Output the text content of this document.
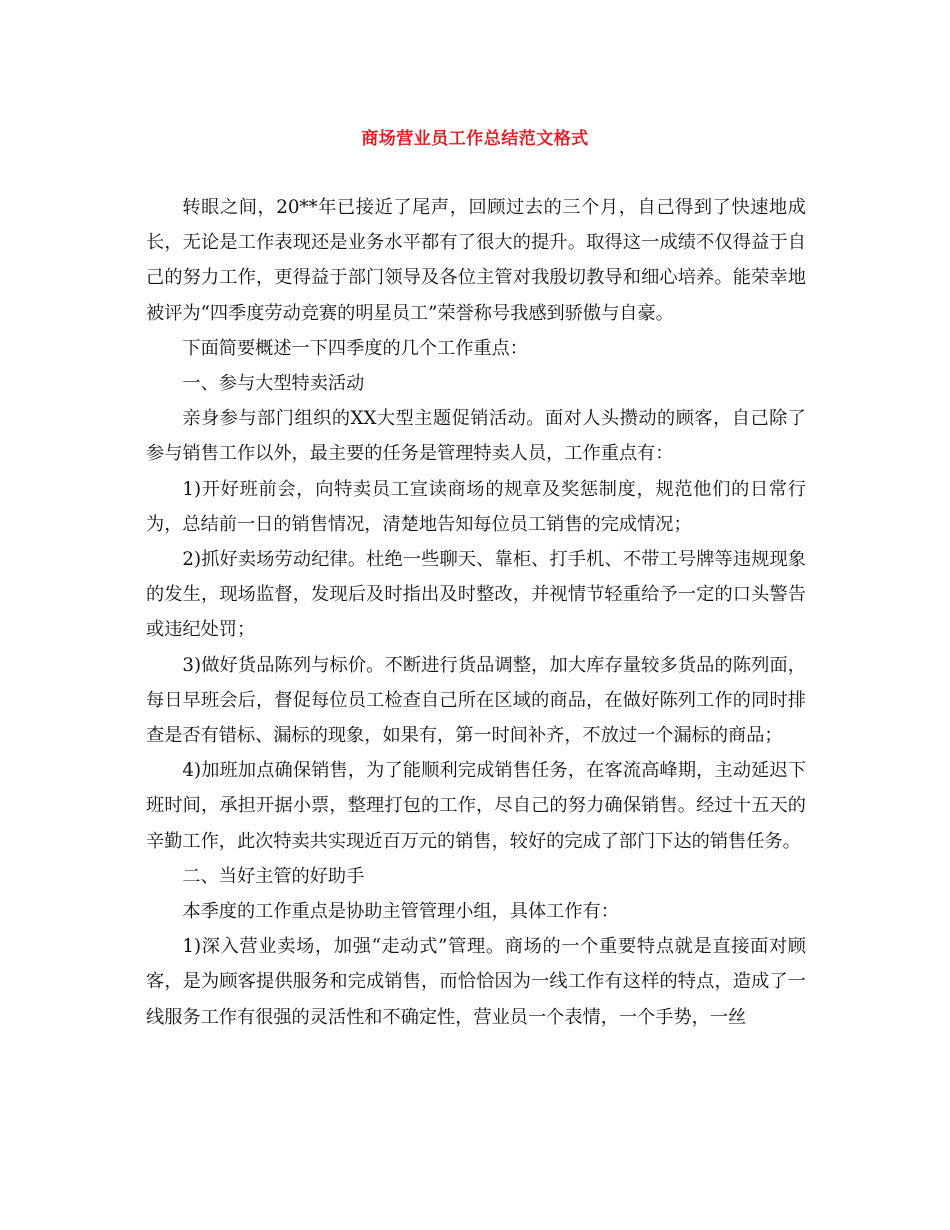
商场营业员工作总结范文格式

转眼之间，20**年已接近了尾声，回顾过去的三个月，自己得到了快速地成长，无论是工作表现还是业务水平都有了很大的提升。取得这一成绩不仅得益于自己的努力工作，更得益于部门领导及各位主管对我殷切教导和细心培养。能荣幸地被评为“四季度劳动竞赛的明星员工”荣誉称号我感到骄傲与自豪。

下面简要概述一下四季度的几个工作重点：

一、参与大型特卖活动

亲身参与部门组织的XX大型主题促销活动。面对人头攒动的顾客，自己除了参与销售工作以外，最主要的任务是管理特卖人员，工作重点有：

1)开好班前会，向特卖员工宣读商场的规章及奖惩制度，规范他们的日常行为，总结前一日的销售情况，清楚地告知每位员工销售的完成情况；

2)抓好卖场劳动纪律。杜绝一些聊天、靠柜、打手机、不带工号牌等违规现象的发生，现场监督，发现后及时指出及时整改，并视情节轻重给予一定的口头警告或违纪处罚；

3)做好货品陈列与标价。不断进行货品调整，加大库存量较多货品的陈列面，每日早班会后，督促每位员工检查自己所在区域的商品，在做好陈列工作的同时排查是否有错标、漏标的现象，如果有，第一时间补齐，不放过一个漏标的商品；

4)加班加点确保销售，为了能顺利完成销售任务，在客流高峰期，主动延迟下班时间，承担开据小票，整理打包的工作，尽自己的努力确保销售。经过十五天的辛勤工作，此次特卖共实现近百万元的销售，较好的完成了部门下达的销售任务。

二、当好主管的好助手

本季度的工作重点是协助主管管理小组，具体工作有：

1)深入营业卖场，加强“走动式”管理。商场的一个重要特点就是直接面对顾客，是为顾客提供服务和完成销售，而恰恰因为一线工作有这样的特点，造成了一线服务工作有很强的灵活性和不确定性，营业员一个表情，一个手势，一丝
